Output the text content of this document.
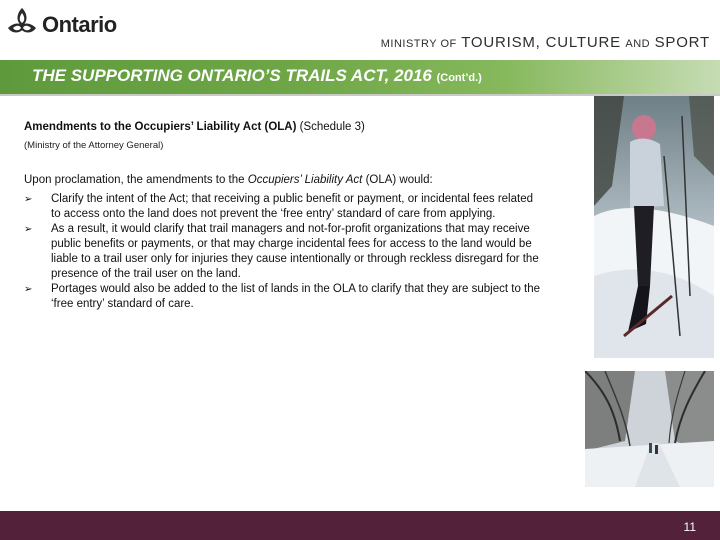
Ontario
MINISTRY OF TOURISM, CULTURE AND SPORT
THE SUPPORTING ONTARIO’S TRAILS ACT, 2016 (Cont’d.)
Amendments to the Occupiers’ Liability Act (OLA) (Schedule 3)
(Ministry of the Attorney General)
Upon proclamation, the amendments to the Occupiers’ Liability Act (OLA) would:
➢ Clarify the intent of the Act; that receiving a public benefit or payment, or incidental fees related to access onto the land does not prevent the ‘free entry’ standard of care from applying.
➢ As a result, it would clarify that trail managers and not-for-profit organizations that may receive public benefits or payments, or that may charge incidental fees for access to the land would be liable to a trail user only for injuries they cause intentionally or through reckless disregard for the presence of the trail user on the land.
➢ Portages would also be added to the list of lands in the OLA to clarify that they are subject to the ‘free entry’ standard of care.
11
